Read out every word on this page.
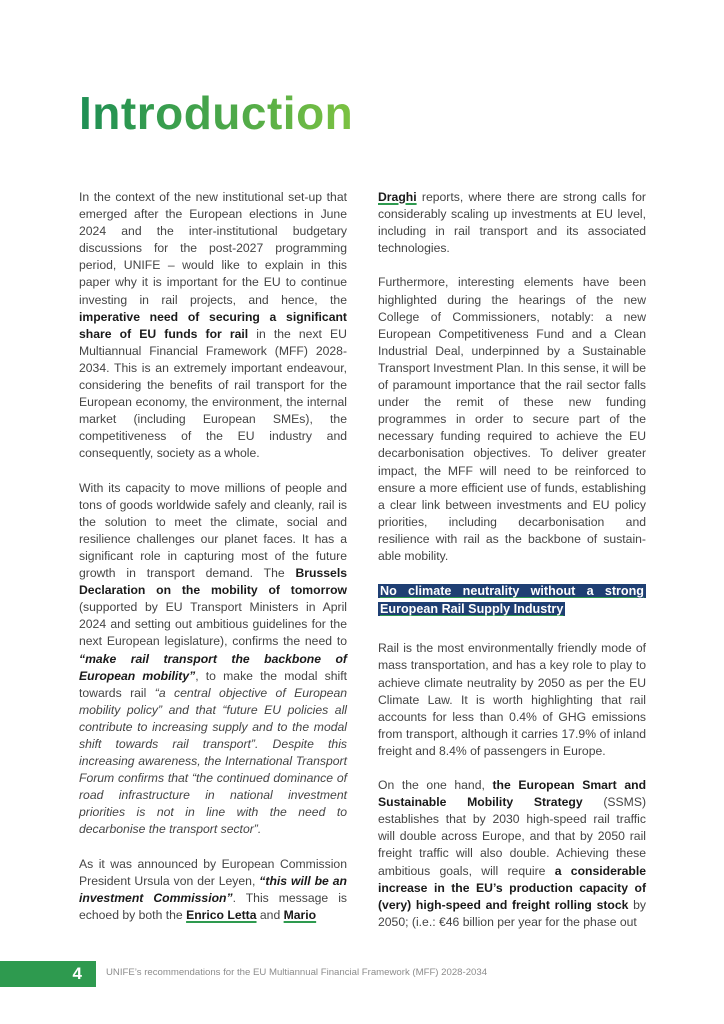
Introduction

In the context of the new institutional set-up that emerged after the European elections in June 2024 and the inter-institutional budgetary discussions for the post-2027 programming period, UNIFE – would like to explain in this paper why it is important for the EU to continue investing in rail projects, and hence, the imperative need of securing a significant share of EU funds for rail in the next EU Multiannual Financial Framework (MFF) 2028-2034. This is an extremely important endeavour, considering the benefits of rail transport for the European economy, the environment, the internal market (including European SMEs), the competitiveness of the EU industry and consequently, society as a whole.

With its capacity to move millions of people and tons of goods worldwide safely and cleanly, rail is the solution to meet the climate, social and resilience challenges our planet faces. It has a significant role in capturing most of the future growth in transport demand. The Brussels Declaration on the mobility of tomorrow (supported by EU Transport Ministers in April 2024 and setting out ambitious guidelines for the next European legislature), confirms the need to “make rail transport the backbone of European mobility”, to make the modal shift towards rail “a central objective of European mobility policy” and that “future EU policies all contribute to increasing supply and to the modal shift towards rail transport”. Despite this increasing awareness, the International Transport Forum confirms that “the continued dominance of road infrastructure in national investment priorities is not in line with the need to decarbonise the transport sector”.

As it was announced by European Commission President Ursula von der Leyen, “this will be an investment Commission”. This message is echoed by both the Enrico Letta and Mario

Draghi reports, where there are strong calls for considerably scaling up investments at EU level, including in rail transport and its associated technologies.

Furthermore, interesting elements have been highlighted during the hearings of the new College of Commissioners, notably: a new European Competitiveness Fund and a Clean Industrial Deal, underpinned by a Sustainable Transport Investment Plan. In this sense, it will be of paramount importance that the rail sector falls under the remit of these new funding programmes in order to secure part of the necessary funding required to achieve the EU decarbonisation objectives. To deliver greater impact, the MFF will need to be reinforced to ensure a more efficient use of funds, establishing a clear link between investments and EU policy priorities, including decarbonisation and resilience with rail as the backbone of sustain-able mobility.

No climate neutrality without a strong European Rail Supply Industry

Rail is the most environmentally friendly mode of mass transportation, and has a key role to play to achieve climate neutrality by 2050 as per the EU Climate Law. It is worth highlighting that rail accounts for less than 0.4% of GHG emissions from transport, although it carries 17.9% of inland freight and 8.4% of passengers in Europe.

On the one hand, the European Smart and Sustainable Mobility Strategy (SSMS) establishes that by 2030 high-speed rail traffic will double across Europe, and that by 2050 rail freight traffic will also double. Achieving these ambitious goals, will require a considerable increase in the EU’s production capacity of (very) high-speed and freight rolling stock by 2050; (i.e.: €46 billion per year for the phase out

4	UNIFE’s recommendations for the EU Multiannual Financial Framework (MFF) 2028-2034
